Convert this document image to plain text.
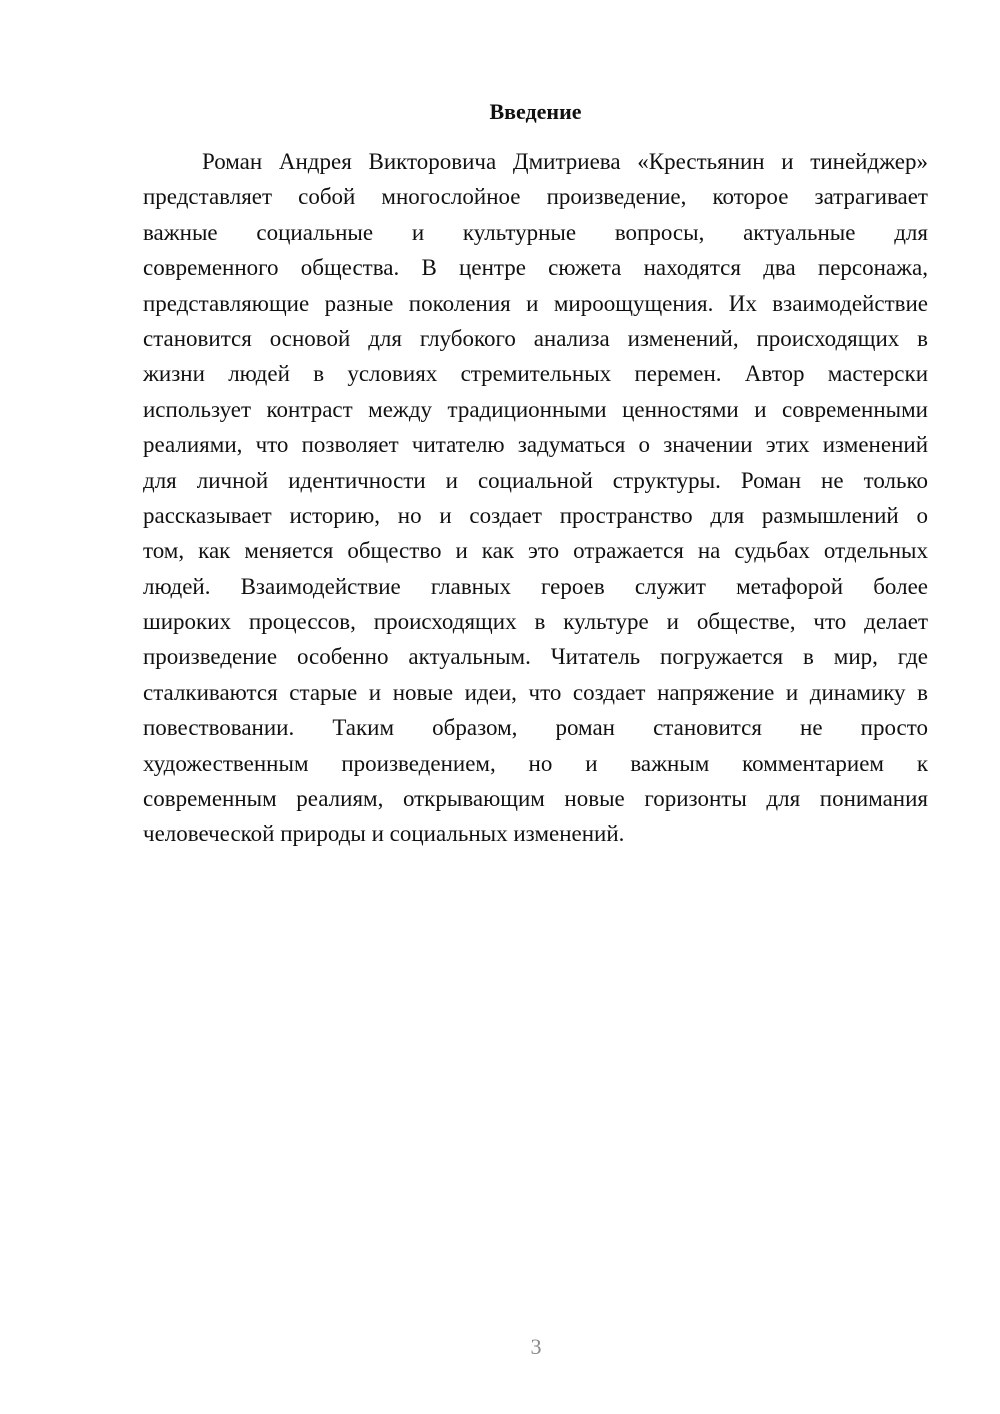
Введение
Роман Андрея Викторовича Дмитриева «Крестьянин и тинейджер»
представляет собой многослойное произведение, которое затрагивает
важные социальные и культурные вопросы, актуальные для
современного общества. В центре сюжета находятся два персонажа,
представляющие разные поколения и мироощущения. Их взаимодействие
становится основой для глубокого анализа изменений, происходящих в
жизни людей в условиях стремительных перемен. Автор мастерски
использует контраст между традиционными ценностями и современными
реалиями, что позволяет читателю задуматься о значении этих изменений
для личной идентичности и социальной структуры. Роман не только
рассказывает историю, но и создает пространство для размышлений о
том, как меняется общество и как это отражается на судьбах отдельных
людей. Взаимодействие главных героев служит метафорой более
широких процессов, происходящих в культуре и обществе, что делает
произведение особенно актуальным. Читатель погружается в мир, где
сталкиваются старые и новые идеи, что создает напряжение и динамику в
повествовании. Таким образом, роман становится не просто
художественным произведением, но и важным комментарием к
современным реалиям, открывающим новые горизонты для понимания
человеческой природы и социальных изменений.
3
